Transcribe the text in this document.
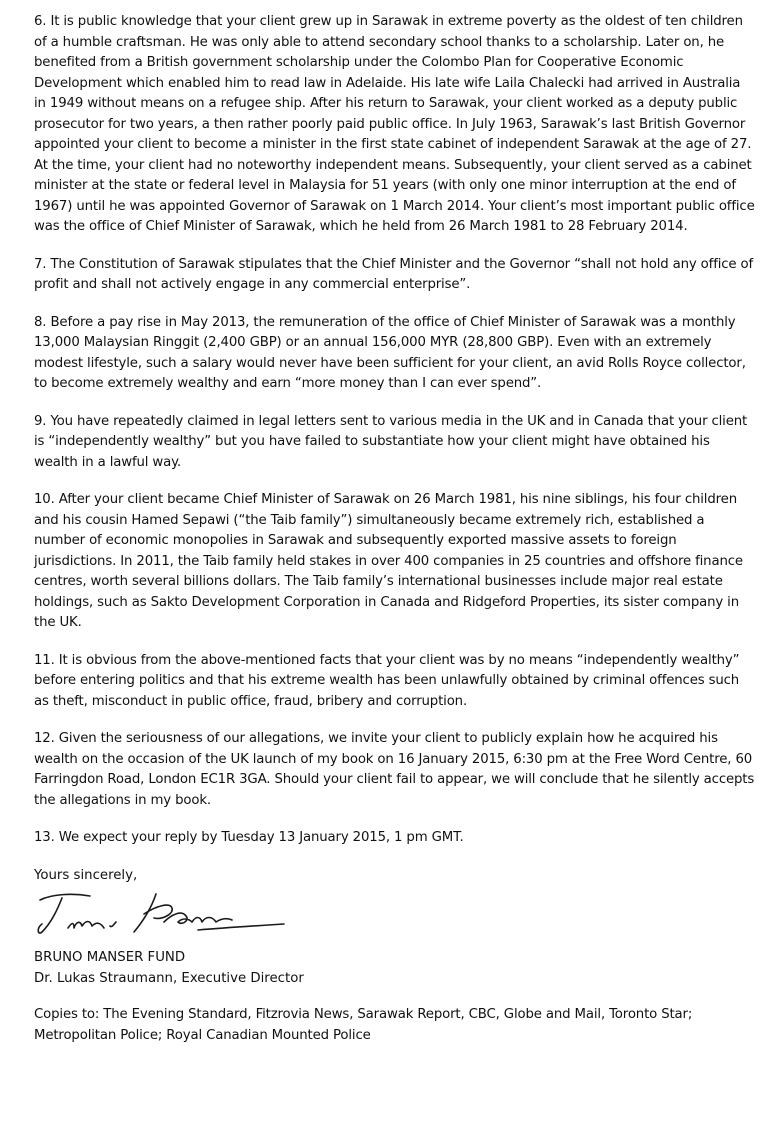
6. It is public knowledge that your client grew up in Sarawak in extreme poverty as the oldest of ten children of a humble craftsman. He was only able to attend secondary school thanks to a scholarship. Later on, he benefited from a British government scholarship under the Colombo Plan for Cooperative Economic Development which enabled him to read law in Adelaide. His late wife Laila Chalecki had arrived in Australia in 1949 without means on a refugee ship. After his return to Sarawak, your client worked as a deputy public prosecutor for two years, a then rather poorly paid public office. In July 1963, Sarawak’s last British Governor appointed your client to become a minister in the first state cabinet of independent Sarawak at the age of 27. At the time, your client had no noteworthy independent means. Subsequently, your client served as a cabinet minister at the state or federal level in Malaysia for 51 years (with only one minor interruption at the end of 1967) until he was appointed Governor of Sarawak on 1 March 2014. Your client’s most important public office was the office of Chief Minister of Sarawak, which he held from 26 March 1981 to 28 February 2014.

7. The Constitution of Sarawak stipulates that the Chief Minister and the Governor “shall not hold any office of profit and shall not actively engage in any commercial enterprise”.

8. Before a pay rise in May 2013, the remuneration of the office of Chief Minister of Sarawak was a monthly 13,000 Malaysian Ringgit (2,400 GBP) or an annual 156,000 MYR (28,800 GBP). Even with an extremely modest lifestyle, such a salary would never have been sufficient for your client, an avid Rolls Royce collector, to become extremely wealthy and earn “more money than I can ever spend”.

9. You have repeatedly claimed in legal letters sent to various media in the UK and in Canada that your client is “independently wealthy” but you have failed to substantiate how your client might have obtained his wealth in a lawful way.

10. After your client became Chief Minister of Sarawak on 26 March 1981, his nine siblings, his four children and his cousin Hamed Sepawi (“the Taib family”) simultaneously became extremely rich, established a number of economic monopolies in Sarawak and subsequently exported massive assets to foreign jurisdictions. In 2011, the Taib family held stakes in over 400 companies in 25 countries and offshore finance centres, worth several billions dollars. The Taib family’s international businesses include major real estate holdings, such as Sakto Development Corporation in Canada and Ridgeford Properties, its sister company in the UK.

11. It is obvious from the above-mentioned facts that your client was by no means “independently wealthy” before entering politics and that his extreme wealth has been unlawfully obtained by criminal offences such as theft, misconduct in public office, fraud, bribery and corruption.

12. Given the seriousness of our allegations, we invite your client to publicly explain how he acquired his wealth on the occasion of the UK launch of my book on 16 January 2015, 6:30 pm at the Free Word Centre, 60 Farringdon Road, London EC1R 3GA. Should your client fail to appear, we will conclude that he silently accepts the allegations in my book.

13. We expect your reply by Tuesday 13 January 2015, 1 pm GMT.

Yours sincerely,

BRUNO MANSER FUND

Dr. Lukas Straumann, Executive Director

Copies to: The Evening Standard, Fitzrovia News, Sarawak Report, CBC, Globe and Mail, Toronto Star; Metropolitan Police; Royal Canadian Mounted Police
